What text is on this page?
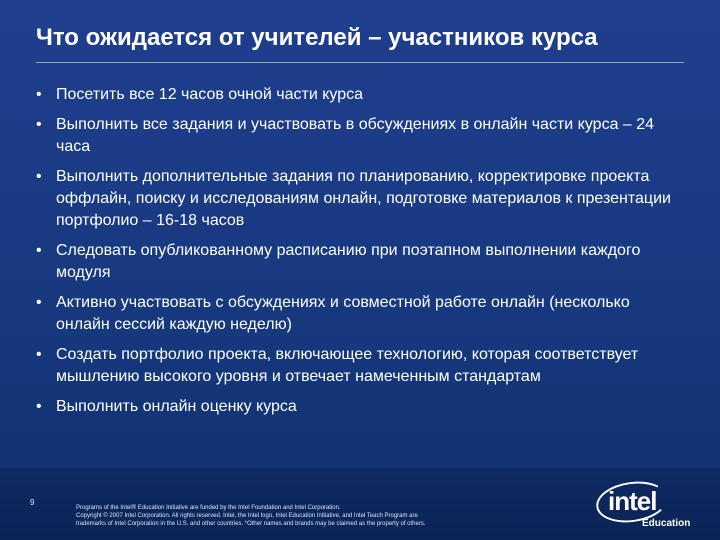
Что ожидается от учителей – участников курса
• Посетить все 12 часов очной части курса
• Выполнить все задания и участвовать в обсуждениях в онлайн части курса – 24 часа
• Выполнить дополнительные задания по планированию, корректировке проекта оффлайн, поиску и исследованиям онлайн, подготовке материалов к презентации портфолио – 16-18 часов
• Следовать опубликованному расписанию при поэтапном выполнении каждого модуля
• Активно участвовать с обсуждениях и совместной работе онлайн (несколько онлайн сессий каждую неделю)
• Создать портфолио проекта, включающее технологию, которая соответствует мышлению высокого уровня и отвечает намеченным стандартам
• Выполнить онлайн оценку курса
9
Programs of the Intel® Education Initiative are funded by the Intel Foundation and Intel Corporation.
Copyright © 2007 Intel Corporation. All rights reserved. Intel, the Intel logo, Intel Education Initiative, and Intel Teach Program are
trademarks of Intel Corporation in the U.S. and other countries. *Other names and brands may be claimed as the property of others.
intel
Education
